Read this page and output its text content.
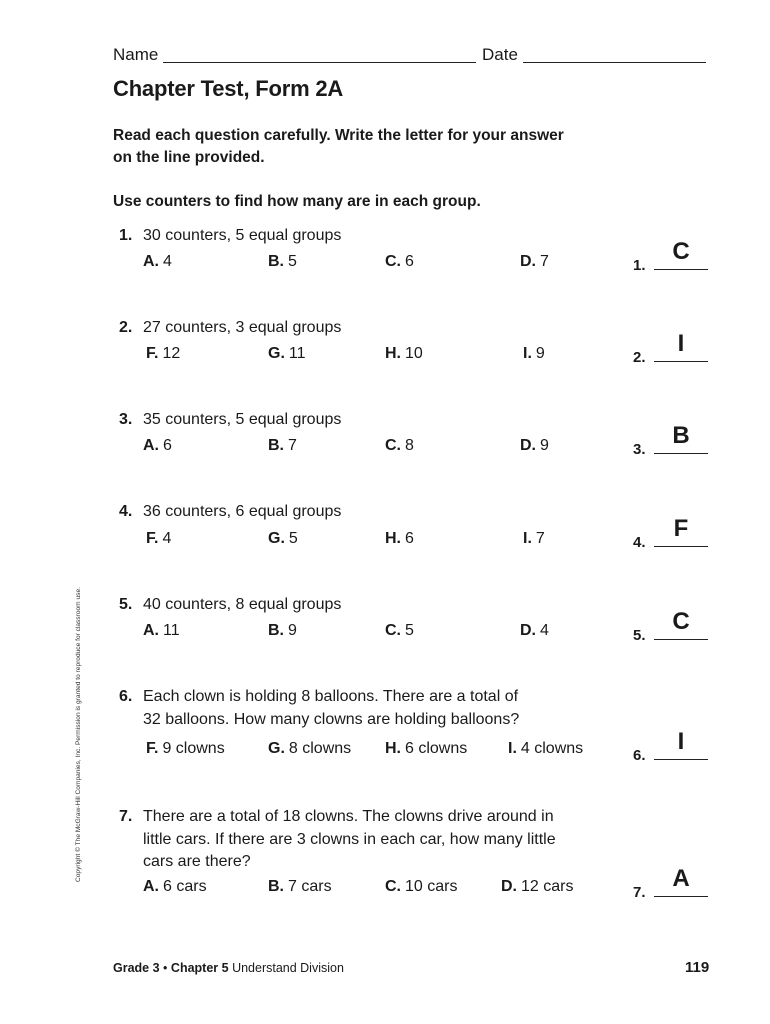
Name	Date
Chapter Test, Form 2A
Read each question carefully. Write the letter for your answer on the line provided.
Use counters to find how many are in each group.
1. 30 counters, 5 equal groups
A. 4	B. 5	C. 6	D. 7	1.
C
2. 27 counters, 3 equal groups
F. 12	G. 11	H. 10	I. 9	2.
I
3. 35 counters, 5 equal groups
A. 6	B. 7	C. 8	D. 9	3.
B
4. 36 counters, 6 equal groups
F. 4	G. 5	H. 6	I. 7	4.
F
5. 40 counters, 8 equal groups
A. 11	B. 9	C. 5	D. 4	5.
C
6. Each clown is holding 8 balloons. There are a total of
32 balloons. How many clowns are holding balloons?
F. 9 clowns	G. 8 clowns H. 6 clowns	I. 4 clowns	6.
I
7. There are a total of 18 clowns. The clowns drive around in
little cars. If there are 3 clowns in each car, how many little
cars are there?
A. 6 cars	B. 7 cars	C. 10 cars	D. 12 cars	7.
A
Copyright © The McGraw-Hill Companies, Inc. Permission is granted to reproduce for classroom use.
Grade 3 • Chapter 5 Understand Division	119
